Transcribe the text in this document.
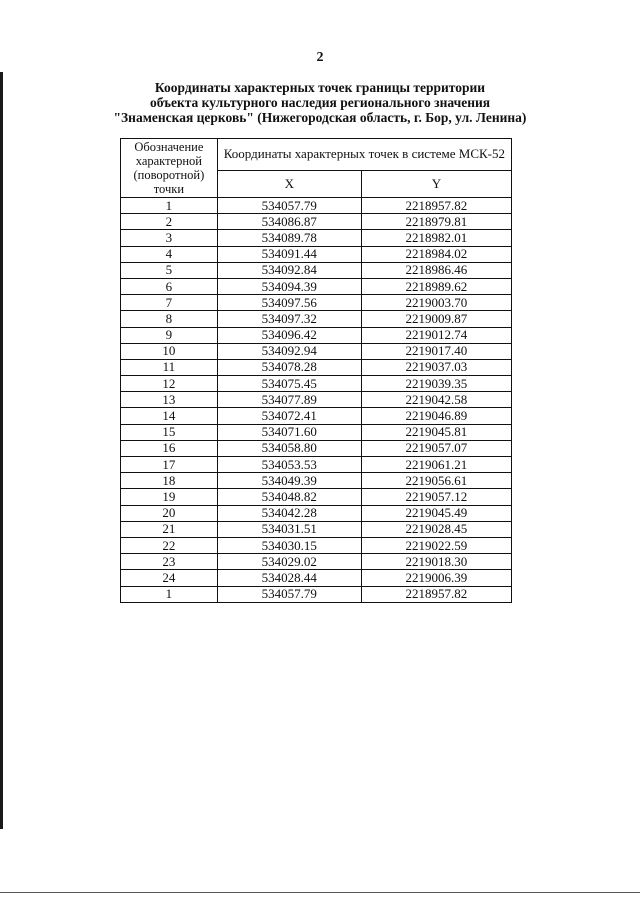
2
Координаты характерных точек границы территории
объекта культурного наследия регионального значения
"Знаменская церковь" (Нижегородская область, г. Бор, ул. Ленина)
Обозначение
характерной
(поворотной)
точки	Координаты характерных точек в системе МСК-52	
	X	Y
1	534057.79	2218957.82
2	534086.87	2218979.81
3	534089.78	2218982.01
4	534091.44	2218984.02
5	534092.84	2218986.46
6	534094.39	2218989.62
7	534097.56	2219003.70
8	534097.32	2219009.87
9	534096.42	2219012.74
10	534092.94	2219017.40
11	534078.28	2219037.03
12	534075.45	2219039.35
13	534077.89	2219042.58
14	534072.41	2219046.89
15	534071.60	2219045.81
16	534058.80	2219057.07
17	534053.53	2219061.21
18	534049.39	2219056.61
19	534048.82	2219057.12
20	534042.28	2219045.49
21	534031.51	2219028.45
22	534030.15	2219022.59
23	534029.02	2219018.30
24	534028.44	2219006.39
1	534057.79	2218957.82
